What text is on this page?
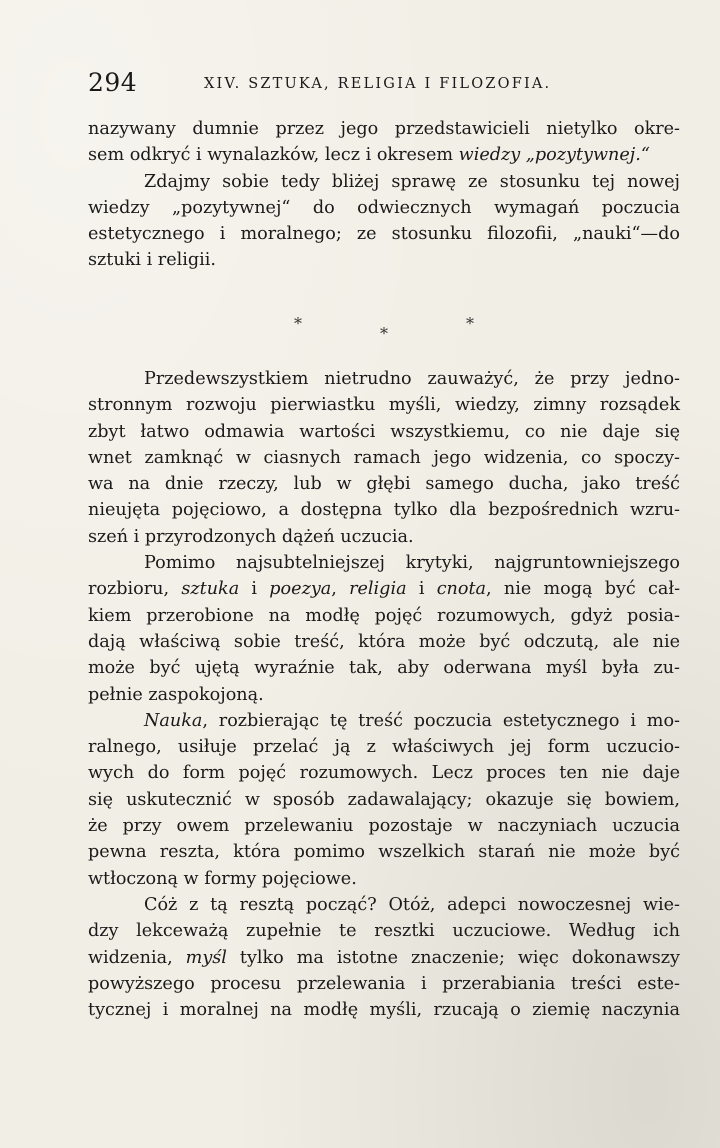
294	XIV. SZTUKA, RELIGIA I FILOZOFIA.
nazywany dumnie przez jego przedstawicieli nietylko okre-
sem odkryć i wynalazków, lecz i okresem wiedzy „pozytywnej.“
Zdajmy sobie tedy bliżej sprawę ze stosunku tej nowej
wiedzy „pozytywnej“ do odwiecznych wymagań poczucia
estetycznego i moralnego; ze stosunku filozofii, „nauki“—do
sztuki i religii.
*
*
*
Przedewszystkiem nietrudno zauważyć, że przy jedno-
stronnym rozwoju pierwiastku myśli, wiedzy, zimny rozsądek
zbyt łatwo odmawia wartości wszystkiemu, co nie daje się
wnet zamknąć w ciasnych ramach jego widzenia, co spoczy-
wa na dnie rzeczy, lub w głębi samego ducha, jako treść
nieujęta pojęciowo, a dostępna tylko dla bezpośrednich wzru-
szeń i przyrodzonych dążeń uczucia.
Pomimo najsubtelniejszej krytyki, najgruntowniejszego
rozbioru, sztuka i poezya, religia i cnota, nie mogą być cał-
kiem przerobione na modłę pojęć rozumowych, gdyż posia-
dają właściwą sobie treść, która może być odczutą, ale nie
może być ujętą wyraźnie tak, aby oderwana myśl była zu-
pełnie zaspokojoną.
Nauka, rozbierając tę treść poczucia estetycznego i mo-
ralnego, usiłuje przelać ją z właściwych jej form uczucio-
wych do form pojęć rozumowych. Lecz proces ten nie daje
się uskutecznić w sposób zadawalający; okazuje się bowiem,
że przy owem przelewaniu pozostaje w naczyniach uczucia
pewna reszta, która pomimo wszelkich starań nie może być
wtłoczoną w formy pojęciowe.
Cóż z tą resztą począć? Otóż, adepci nowoczesnej wie-
dzy lekceważą zupełnie te resztki uczuciowe. Według ich
widzenia, myśl tylko ma istotne znaczenie; więc dokonawszy
powyższego procesu przelewania i przerabiania treści este-
tycznej i moralnej na modłę myśli, rzucają o ziemię naczynia
